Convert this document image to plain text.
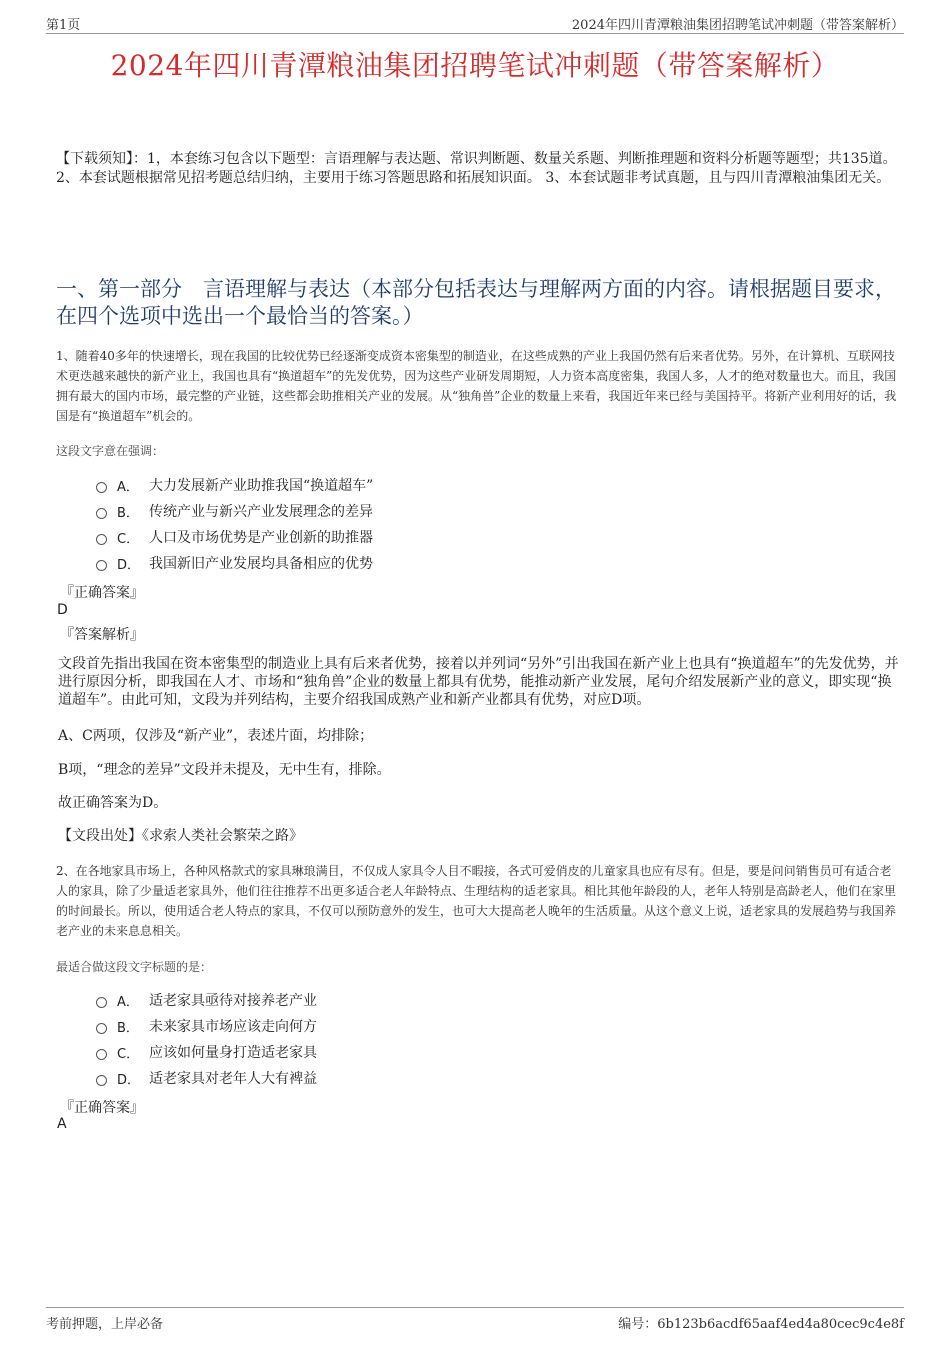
第1页	2024年四川青潭粮油集团招聘笔试冲刺题（带答案解析）
2024年四川青潭粮油集团招聘笔试冲刺题（带答案解析）
【下载须知】：1，本套练习包含以下题型：言语理解与表达题、常识判断题、数量关系题、判断推理题和资料分析题等题型；共135道。 2、本套试题根据常见招考题总结归纳，主要用于练习答题思路和拓展知识面。 3、本套试题非考试真题，且与四川青潭粮油集团无关。
一、第一部分　言语理解与表达（本部分包括表达与理解两方面的内容。请根据题目要求，在四个选项中选出一个最恰当的答案。）
1、随着40多年的快速增长，现在我国的比较优势已经逐渐变成资本密集型的制造业，在这些成熟的产业上我国仍然有后来者优势。另外，在计算机、互联网技术更迭越来越快的新产业上，我国也具有“换道超车”的先发优势，因为这些产业研发周期短，人力资本高度密集，我国人多，人才的绝对数量也大。而且，我国拥有最大的国内市场，最完整的产业链，这些都会助推相关产业的发展。从“独角兽”企业的数量上来看，我国近年来已经与美国持平。将新产业利用好的话，我国是有“换道超车”机会的。
这段文字意在强调：
A． 大力发展新产业助推我国“换道超车”
B． 传统产业与新兴产业发展理念的差异
C． 人口及市场优势是产业创新的助推器
D． 我国新旧产业发展均具备相应的优势
『正确答案』
D
『答案解析』
文段首先指出我国在资本密集型的制造业上具有后来者优势，接着以并列词“另外”引出我国在新产业上也具有“换道超车”的先发优势，并进行原因分析，即我国在人才、市场和“独角兽”企业的数量上都具有优势，能推动新产业发展，尾句介绍发展新产业的意义，即实现“换道超车”。由此可知，文段为并列结构，主要介绍我国成熟产业和新产业都具有优势，对应D项。
A、C两项，仅涉及“新产业”，表述片面，均排除；
B项，“理念的差异”文段并未提及，无中生有，排除。
故正确答案为D。
【文段出处】《求索人类社会繁荣之路》
2、在各地家具市场上，各种风格款式的家具琳琅满目，不仅成人家具令人目不暇接，各式可爱俏皮的儿童家具也应有尽有。但是，要是问问销售员可有适合老人的家具，除了少量适老家具外，他们往往推荐不出更多适合老人年龄特点、生理结构的适老家具。相比其他年龄段的人，老年人特别是高龄老人，他们在家里的时间最长。所以，使用适合老人特点的家具，不仅可以预防意外的发生，也可大大提高老人晚年的生活质量。从这个意义上说，适老家具的发展趋势与我国养老产业的未来息息相关。
最适合做这段文字标题的是：
A． 适老家具亟待对接养老产业
B． 未来家具市场应该走向何方
C． 应该如何量身打造适老家具
D． 适老家具对老年人大有裨益
『正确答案』
A
考前押题，上岸必备	编号：6b123b6acdf65aaf4ed4a80cec9c4e8f
